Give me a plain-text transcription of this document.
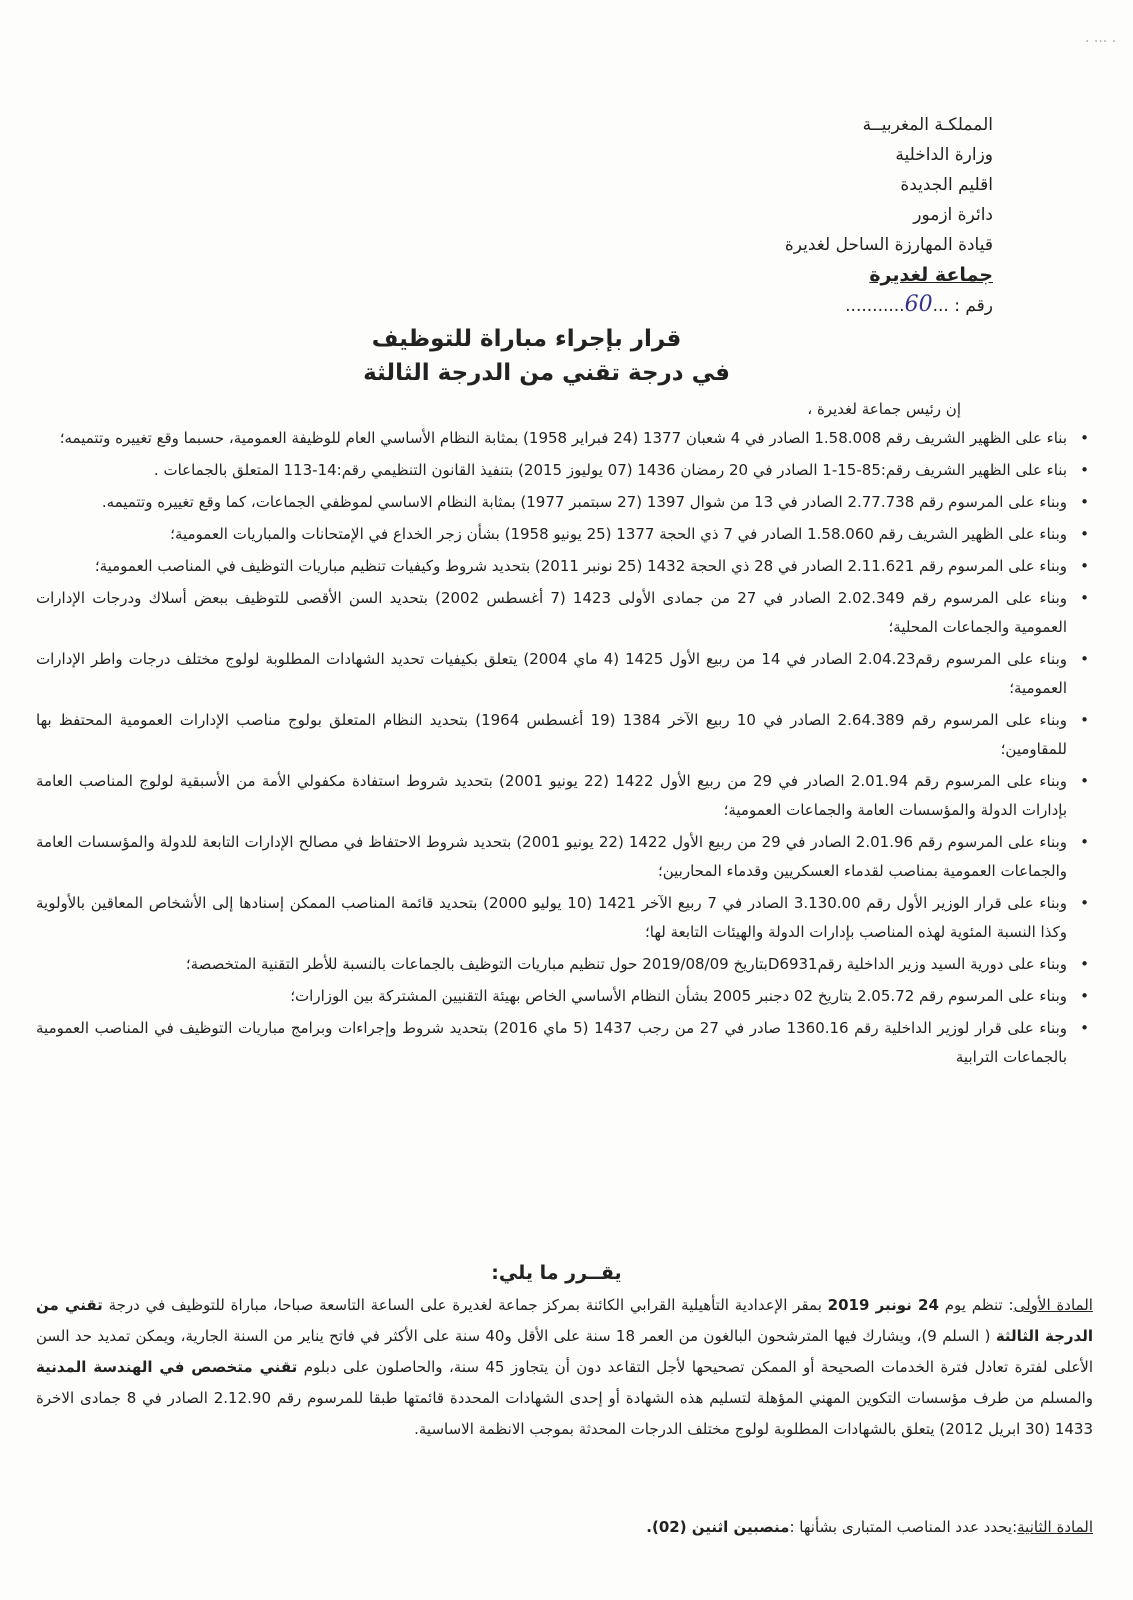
· ··· ·
المملكـة المغربيــة
وزارة الداخلية
اقليم الجديدة
دائرة ازمور
قيادة المهارزة الساحل لغديرة
جماعة لغديرة
رقم : ...60...........
قرار بإجراء مباراة للتوظيف
في درجة تقني من الدرجة الثالثة
إن رئيس جماعة لغديرة ،
• بناء على الظهير الشريف رقم 1.58.008 الصادر في 4 شعبان 1377 (24 فبراير 1958) بمثابة النظام الأساسي العام للوظيفة العمومية، حسبما وقع تغييره وتتميمه؛
• بناء على الظهير الشريف رقم:85-15-1 الصادر في 20 رمضان 1436 (07 يوليوز 2015) بتنفيذ القانون التنظيمي رقم:14-113 المتعلق بالجماعات .
• وبناء على المرسوم رقم 2.77.738 الصادر في 13 من شوال 1397 (27 سبتمبر 1977) بمثابة النظام الاساسي لموظفي الجماعات، كما وقع تغييره وتتميمه.
• وبناء على الظهير الشريف رقم 1.58.060 الصادر في 7 ذي الحجة 1377 (25 يونيو 1958) بشأن زجر الخداع في الإمتحانات والمباريات العمومية؛
• وبناء على المرسوم رقم 2.11.621 الصادر في 28 ذي الحجة 1432 (25 نونبر 2011) بتحديد شروط وكيفيات تنظيم مباريات التوظيف في المناصب العمومية؛
• وبناء على المرسوم رقم 2.02.349 الصادر في 27 من جمادى الأولى 1423 (7 أغسطس 2002) بتحديد السن الأقصى للتوظيف ببعض أسلاك ودرجات الإدارات العمومية والجماعات المحلية؛
• وبناء على المرسوم رقم2.04.23 الصادر في 14 من ربيع الأول 1425 (4 ماي 2004) يتعلق بكيفيات تحديد الشهادات المطلوبة لولوج مختلف درجات واطر الإدارات العمومية؛
• وبناء على المرسوم رقم 2.64.389 الصادر في 10 ربيع الآخر 1384 (19 أغسطس 1964) بتحديد النظام المتعلق بولوج مناصب الإدارات العمومية المحتفظ بها للمقاومين؛
• وبناء على المرسوم رقم 2.01.94 الصادر في 29 من ربيع الأول 1422 (22 يونيو 2001) بتحديد شروط استفادة مكفولي الأمة من الأسبقية لولوج المناصب العامة بإدارات الدولة والمؤسسات العامة والجماعات العمومية؛
• وبناء على المرسوم رقم 2.01.96 الصادر في 29 من ربيع الأول 1422 (22 يونيو 2001) بتحديد شروط الاحتفاظ في مصالح الإدارات التابعة للدولة والمؤسسات العامة والجماعات العمومية بمناصب لقدماء العسكريين وقدماء المحاربين؛
• وبناء على قرار الوزير الأول رقم 3.130.00 الصادر في 7 ربيع الآخر 1421 (10 يوليو 2000) بتحديد قائمة المناصب الممكن إسنادها إلى الأشخاص المعاقين بالأولوية وكذا النسبة المئوية لهذه المناصب بإدارات الدولة والهيئات التابعة لها؛
• وبناء على دورية السيد وزير الداخلية رقمD6931بتاريخ 2019/08/09 حول تنظيم مباريات التوظيف بالجماعات بالنسبة للأطر التقنية المتخصصة؛
• وبناء على المرسوم رقم 2.05.72 بتاريخ 02 دجنبر 2005 بشأن النظام الأساسي الخاص بهيئة التقنيين المشتركة بين الوزارات؛
• وبناء على قرار لوزير الداخلية رقم 1360.16 صادر في 27 من رجب 1437 (5 ماي 2016) بتحديد شروط وإجراءات وبرامج مباريات التوظيف في المناصب العمومية بالجماعات الترابية
يقــرر ما يلي:
المادة الأولى: تنظم يوم 24 نونبر 2019 بمقر الإعدادية التأهيلية القرابي الكائنة بمركز جماعة لغديرة على الساعة التاسعة صباحا، مباراة للتوظيف في درجة تقني من الدرجة الثالثة ( السلم 9)، ويشارك فيها المترشحون البالغون من العمر 18 سنة على الأقل و40 سنة على الأكثر في فاتح يناير من السنة الجارية، ويمكن تمديد حد السن الأعلى لفترة تعادل فترة الخدمات الصحيحة أو الممكن تصحيحها لأجل التقاعد دون أن يتجاوز 45 سنة، والحاصلون على دبلوم تقني متخصص في الهندسة المدنية والمسلم من طرف مؤسسات التكوين المهني المؤهلة لتسليم هذه الشهادة أو إحدى الشهادات المحددة قائمتها طبقا للمرسوم رقم 2.12.90 الصادر في 8 جمادى الاخرة 1433 (30 ابريل 2012) يتعلق بالشهادات المطلوبة لولوج مختلف الدرجات المحدثة بموجب الانظمة الاساسية.
المادة الثانية:يحدد عدد المناصب المتبارى بشأنها :منصبين اثنين (02).
